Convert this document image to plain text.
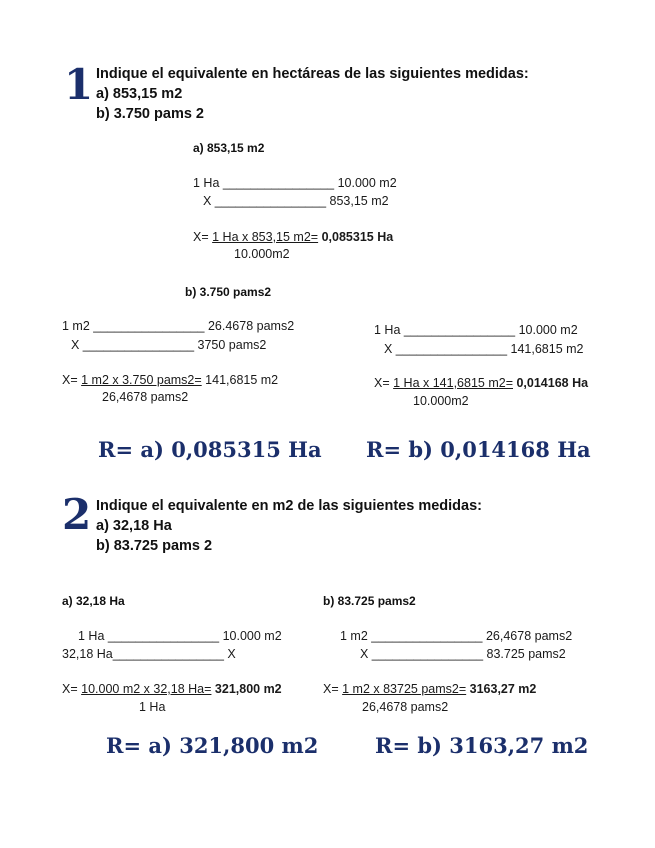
1 Indique el equivalente en hectáreas de las siguientes medidas:
a) 853,15 m2
b) 3.750 pams 2
a) 853,15 m2
1 Ha ________________ 10.000 m2
X ________________ 853,15 m2
X= 1 Ha x 853,15 m2= 0,085315 Ha
10.000m2
b) 3.750 pams2
1 m2 ________________ 26.4678 pams2
X ________________ 3750 pams2
X= 1 m2 x 3.750 pams2= 141,6815 m2
26,4678 pams2
1 Ha ________________ 10.000 m2
X ________________ 141,6815 m2
X= 1 Ha x 141,6815 m2= 0,014168 Ha
10.000m2
R= a) 0,085315 Ha R= b) 0,014168 Ha
2 Indique el equivalente en m2 de las siguientes medidas:
a) 32,18 Ha
b) 83.725 pams 2
a) 32,18 Ha
1 Ha ________________ 10.000 m2
32,18 Ha________________ X
X= 10.000 m2 x 32,18 Ha= 321,800 m2
1 Ha
b) 83.725 pams2
1 m2 ________________ 26,4678 pams2
X ________________ 83.725 pams2
X= 1 m2 x 83725 pams2= 3163,27 m2
26,4678 pams2
R= a) 321,800 m2	R= b) 3163,27 m2
